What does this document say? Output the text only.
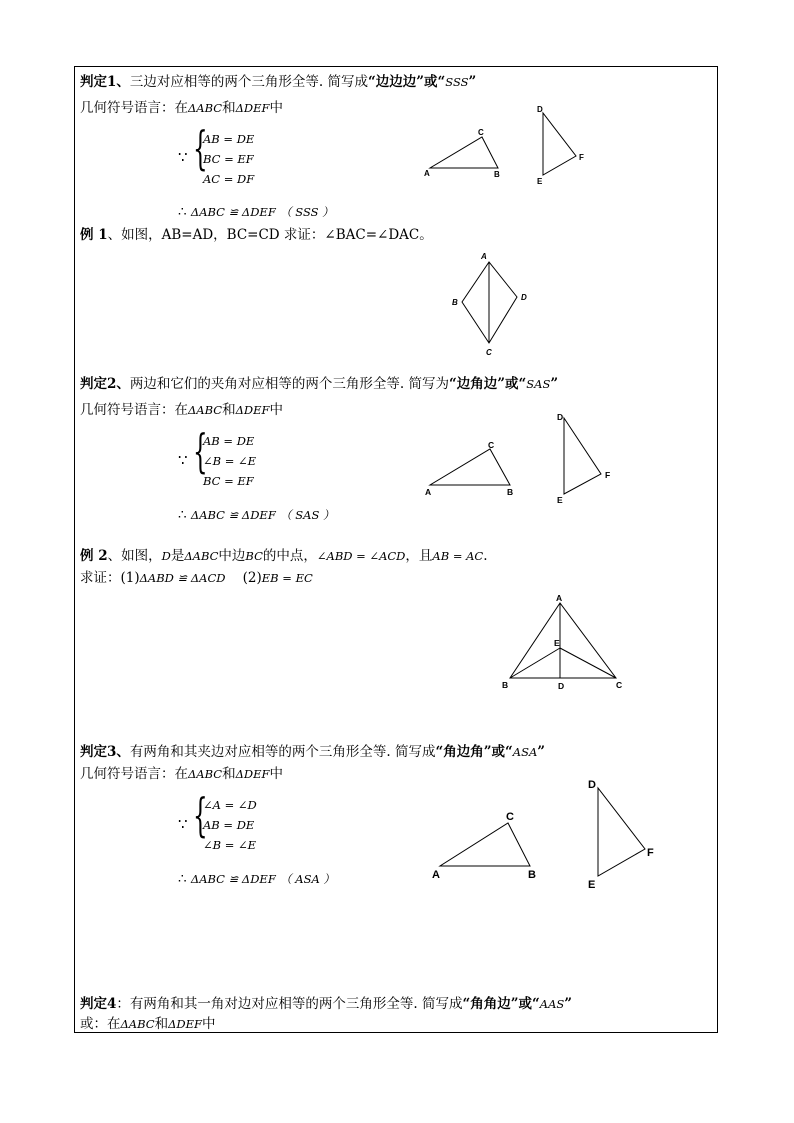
判定1、三边对应相等的两个三角形全等. 简写成“边边边”或“SSS”
几何符号语言：在ΔABC和ΔDEF中
∵ {
AB = DE
BC = EF
AC = DF
∴ ΔABC ≌ ΔDEF （ SSS ）
A	B
C
D
E
F
例 1、如图，AB=AD，BC=CD 求证：∠BAC=∠DAC。
A
B
C
D
判定2、两边和它们的夹角对应相等的两个三角形全等. 简写为“边角边”或“SAS”
几何符号语言：在ΔABC和ΔDEF中
∵ {
AB = DE
∠B = ∠E
BC = EF
∴ ΔABC ≌ ΔDEF （ SAS ）
A	B
C
D
E
F
例 2、如图，D是ΔABC中边BC的中点，∠ABD = ∠ACD，且AB = AC.
求证：(1)ΔABD ≌ ΔACD (2)EB = EC
A
B	C
D
E
判定3、有两角和其夹边对应相等的两个三角形全等. 简写成“角边角”或“ASA”
几何符号语言：在ΔABC和ΔDEF中
∵ {
∠A = ∠D
AB = DE
∠B = ∠E
∴ ΔABC ≌ ΔDEF （ ASA ）	A	B
C
D
E
F
判定4：有两角和其一角对边对应相等的两个三角形全等. 简写成“角角边”或“AAS”
或：在ΔABC和ΔDEF中
